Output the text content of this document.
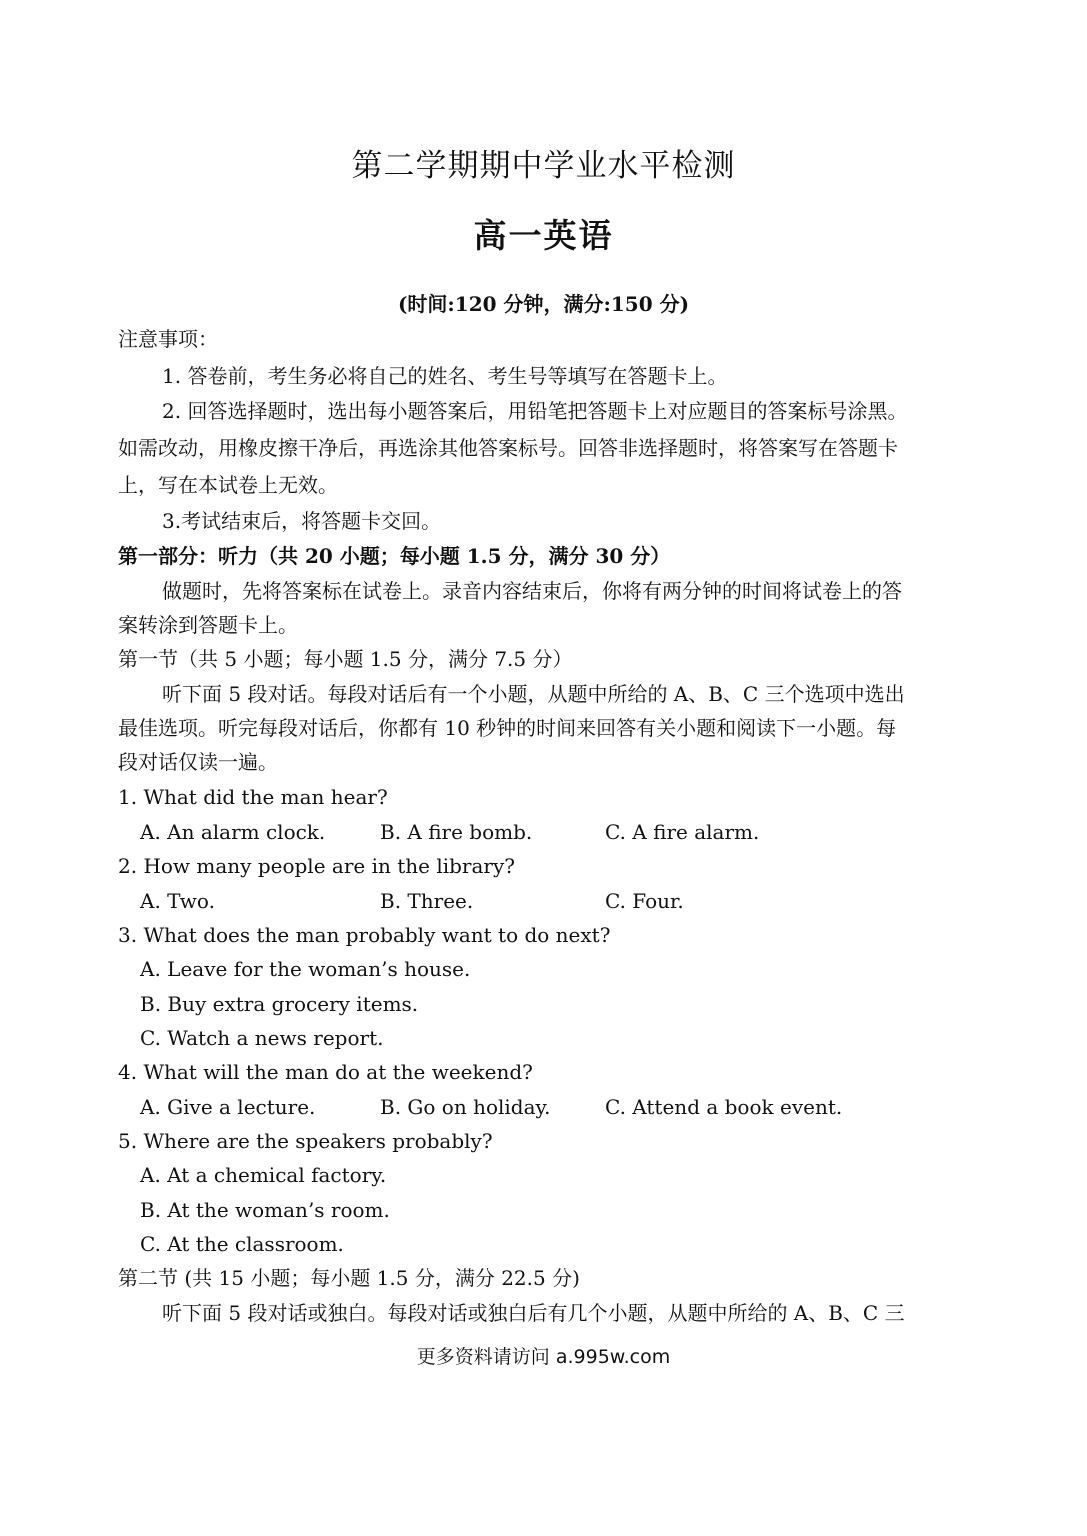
第二学期期中学业水平检测
高一英语
(时间:120 分钟，满分:150 分)
注意事项：
1. 答卷前，考生务必将自己的姓名、考生号等填写在答题卡上。
2. 回答选择题时，选出每小题答案后，用铅笔把答题卡上对应题目的答案标号涂黑。
如需改动，用橡皮擦干净后，再选涂其他答案标号。回答非选择题时，将答案写在答题卡
上，写在本试卷上无效。
3.考试结束后，将答题卡交回。
第一部分：听力（共 20 小题；每小题 1.5 分，满分 30 分）
做题时，先将答案标在试卷上。录音内容结束后，你将有两分钟的时间将试卷上的答
案转涂到答题卡上。
第一节（共 5 小题；每小题 1.5 分，满分 7.5 分）
听下面 5 段对话。每段对话后有一个小题，从题中所给的 A、B、C 三个选项中选出
最佳选项。听完每段对话后，你都有 10 秒钟的时间来回答有关小题和阅读下一小题。每
段对话仅读一遍。
1. What did the man hear?
A. An alarm clock.	B. A fire bomb.	C. A fire alarm.
2. How many people are in the library?
A. Two.	B. Three.	C. Four.
3. What does the man probably want to do next?
A. Leave for the woman’s house.
B. Buy extra grocery items.
C. Watch a news report.
4. What will the man do at the weekend?
A. Give a lecture.	B. Go on holiday.	C. Attend a book event.
5. Where are the speakers probably?
A. At a chemical factory.
B. At the woman’s room.
C. At the classroom.
第二节 (共 15 小题；每小题 1.5 分，满分 22.5 分)
听下面 5 段对话或独白。每段对话或独白后有几个小题，从题中所给的 A、B、C 三
更多资料请访问 a.995w.com
